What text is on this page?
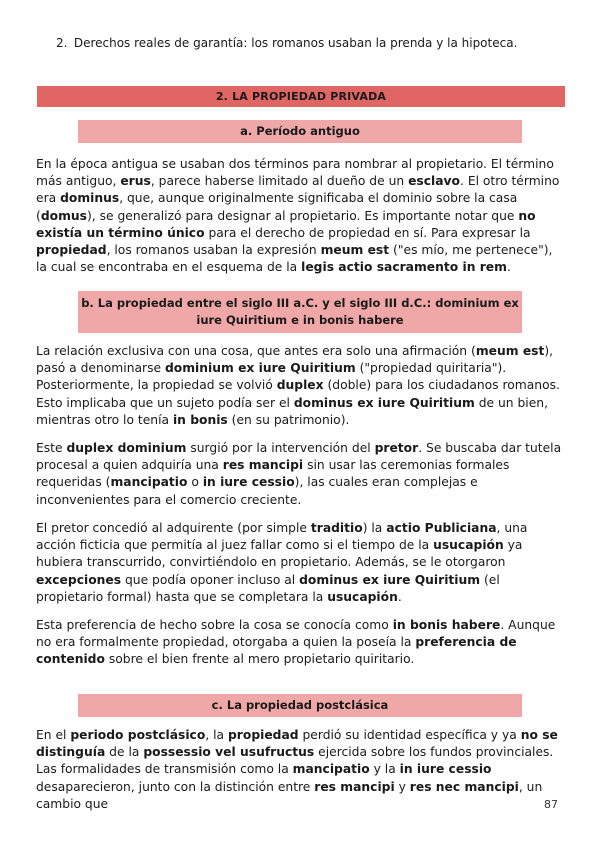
2. Derechos reales de garantía: los romanos usaban la prenda y la hipoteca.
2. LA PROPIEDAD PRIVADA
a. Período antiguo

En la época antigua se usaban dos términos para nombrar al propietario. El término más antiguo, erus, parece haberse limitado al dueño de un esclavo. El otro término era dominus, que, aunque originalmente significaba el dominio sobre la casa (domus), se generalizó para designar al propietario. Es importante notar que no existía un término único para el derecho de propiedad en sí. Para expresar la propiedad, los romanos usaban la expresión meum est ("es mío, me pertenece"), la cual se encontraba en el esquema de la legis actio sacramento in rem.

b. La propiedad entre el siglo III a.C. y el siglo III d.C.: dominium ex
iure Quiritium e in bonis habere

La relación exclusiva con una cosa, que antes era solo una afirmación (meum est), pasó a denominarse dominium ex iure Quiritium ("propiedad quiritaria"). Posteriormente, la propiedad se volvió duplex (doble) para los ciudadanos romanos. Esto implicaba que un sujeto podía ser el dominus ex iure Quiritium de un bien, mientras otro lo tenía in bonis (en su patrimonio).

Este duplex dominium surgió por la intervención del pretor. Se buscaba dar tutela procesal a quien adquiría una res mancipi sin usar las ceremonias formales requeridas (mancipatio o in iure cessio), las cuales eran complejas e inconvenientes para el comercio creciente.

El pretor concedió al adquirente (por simple traditio) la actio Publiciana, una acción ficticia que permitía al juez fallar como si el tiempo de la usucapión ya hubiera transcurrido, convirtiéndolo en propietario. Además, se le otorgaron excepciones que podía oponer incluso al dominus ex iure Quiritium (el propietario formal) hasta que se completara la usucapión.

Esta preferencia de hecho sobre la cosa se conocía como in bonis habere. Aunque no era formalmente propiedad, otorgaba a quien la poseía la preferencia de contenido sobre el bien frente al mero propietario quiritario.

c. La propiedad postclásica

En el periodo postclásico, la propiedad perdió su identidad específica y ya no se distinguía de la possessio vel usufructus ejercida sobre los fundos provinciales. Las formalidades de transmisión como la mancipatio y la in iure cessio desaparecieron, junto con la distinción entre res mancipi y res nec mancipi, un cambio que	87
